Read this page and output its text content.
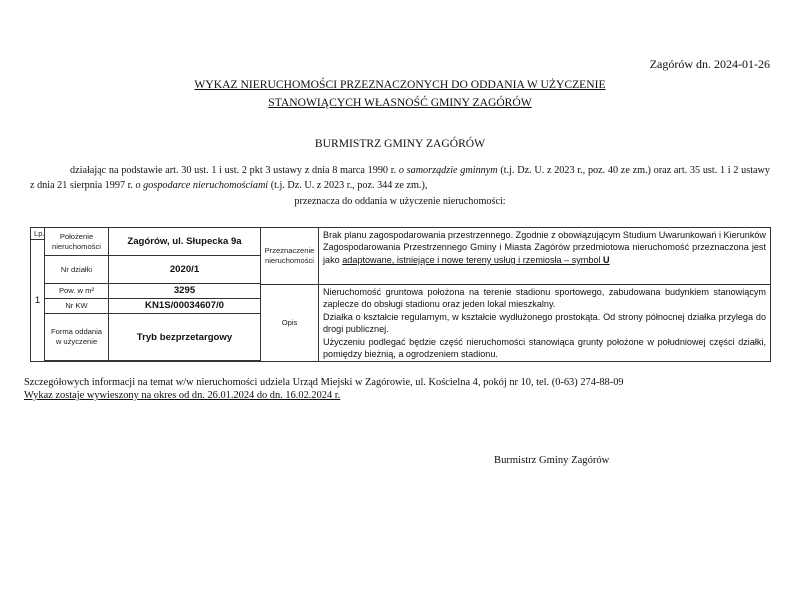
Zagórów dn. 2024-01-26
WYKAZ NIERUCHOMOŚCI PRZEZNACZONYCH DO ODDANIA W UŻYCZENIE
STANOWIĄCYCH WŁASNOŚĆ GMINY ZAGÓRÓW
BURMISTRZ GMINY ZAGÓRÓW
działając na podstawie art. 30 ust. 1 i ust. 2 pkt 3 ustawy z dnia 8 marca 1990 r. o samorządzie gminnym (t.j. Dz. U. z 2023 r., poz. 40 ze zm.) oraz art. 35 ust. 1 i 2 ustawy z dnia 21 sierpnia 1997 r. o gospodarce nieruchomościami (t.j. Dz. U. z 2023 r., poz. 344 ze zm.),
przeznacza do oddania w użyczenie nieruchomości:
Lp.	Położenie nieruchomości	Zagórów, ul. Słupecka 9a	Przeznaczenie nieruchomości	Brak planu zagospodarowania przestrzennego. Zgodnie z obowiązującym Studium Uwarunkowań i Kierunków Zagospodarowania Przestrzennego Gminy i Miasta Zagórów przedmiotowa nieruchomość przeznaczona jest jako adaptowane, istniejące i nowe tereny usług i rzemiosła – symbol U
1				
	Nr działki	2020/1		
	Pow. w m²	3295		
			Opis	Nieruchomość gruntowa położona na terenie stadionu sportowego, zabudowana budynkiem stanowiącym zaplecze do obsługi stadionu oraz jeden lokal mieszkalny.

Działka o kształcie regularnym, w kształcie wydłużonego prostokąta. Od strony północnej działka przylega do drogi publicznej.

Użyczeniu podlegać będzie część nieruchomości stanowiąca grunty położone w południowej części działki, pomiędzy bieżnią, a ogrodzeniem stadionu.

	Nr KW	KN1S/00034607/0		
	Forma oddania w użyczenie	Tryb bezprzetargowy		

Szczegółowych informacji na temat w/w nieruchomości udziela Urząd Miejski w Zagórowie, ul. Kościelna 4, pokój nr 10, tel. (0-63) 274-88-09
Wykaz zostaje wywieszony na okres od dn. 26.01.2024 do dn. 16.02.2024 r.
Burmistrz Gminy Zagórów
